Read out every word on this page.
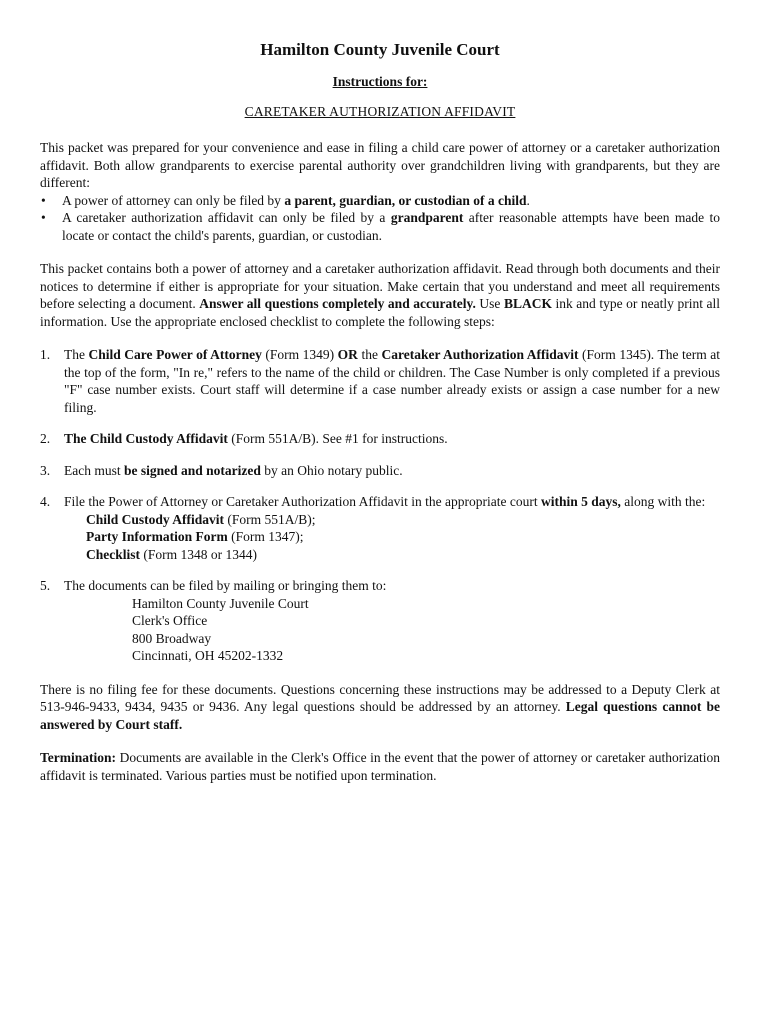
Hamilton County Juvenile Court
Instructions for:
CARETAKER AUTHORIZATION AFFIDAVIT

This packet was prepared for your convenience and ease in filing a child care power of attorney or a caretaker authorization affidavit. Both allow grandparents to exercise parental authority over grandchildren living with grandparents, but they are different:

• A power of attorney can only be filed by a parent, guardian, or custodian of a child.
• A caretaker authorization affidavit can only be filed by a grandparent after reasonable attempts have been made to locate or contact the child's parents, guardian, or custodian.

This packet contains both a power of attorney and a caretaker authorization affidavit. Read through both documents and their notices to determine if either is appropriate for your situation. Make certain that you understand and meet all requirements before selecting a document. Answer all questions completely and accurately. Use BLACK ink and type or neatly print all information. Use the appropriate enclosed checklist to complete the following steps:

1. The Child Care Power of Attorney (Form 1349) OR the Caretaker Authorization Affidavit (Form 1345). The term at the top of the form, "In re," refers to the name of the child or children. The Case Number is only completed if a previous "F" case number exists. Court staff will determine if a case number already exists or assign a case number for a new filing.
2. The Child Custody Affidavit (Form 551A/B). See #1 for instructions.
3. Each must be signed and notarized by an Ohio notary public.
4. File the Power of Attorney or Caretaker Authorization Affidavit in the appropriate court within 5 days, along with the:
Child Custody Affidavit (Form 551A/B);
Party Information Form (Form 1347);
Checklist (Form 1348 or 1344)
5. The documents can be filed by mailing or bringing them to:
Hamilton County Juvenile Court
Clerk's Office
800 Broadway
Cincinnati, OH 45202-1332

There is no filing fee for these documents. Questions concerning these instructions may be addressed to a Deputy Clerk at 513-946-9433, 9434, 9435 or 9436. Any legal questions should be addressed by an attorney. Legal questions cannot be answered by Court staff.

Termination: Documents are available in the Clerk's Office in the event that the power of attorney or caretaker authorization affidavit is terminated. Various parties must be notified upon termination.
